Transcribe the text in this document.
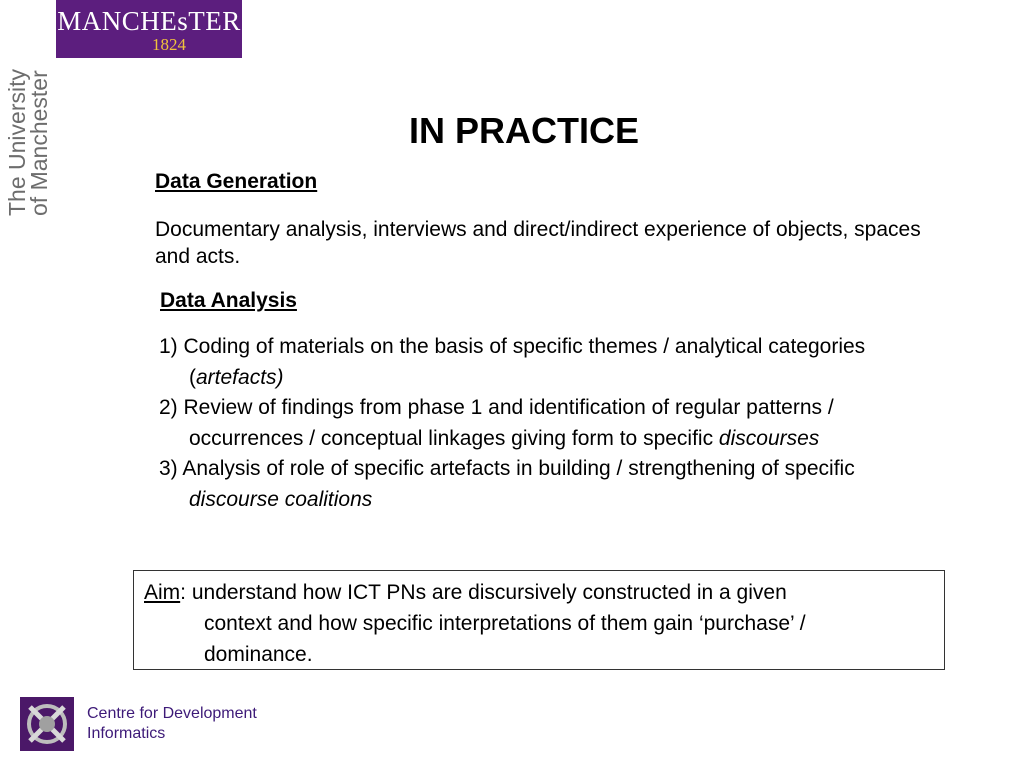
MANCHEsTER
1824
The University
of Manchester	IN PRACTICE
Data Generation
Documentary analysis, interviews and direct/indirect experience of objects, spaces and acts.
Data Analysis

1) Coding of materials on the basis of specific themes / analytical categories (artefacts)

2) Review of findings from phase 1 and identification of regular patterns / occurrences / conceptual linkages giving form to specific discourses

3) Analysis of role of specific artefacts in building / strengthening of specific discourse coalitions

Aim: understand how ICT PNs are discursively constructed in a given
context and how specific interpretations of them gain ‘purchase’ /
dominance.
Centre for Development
Informatics
